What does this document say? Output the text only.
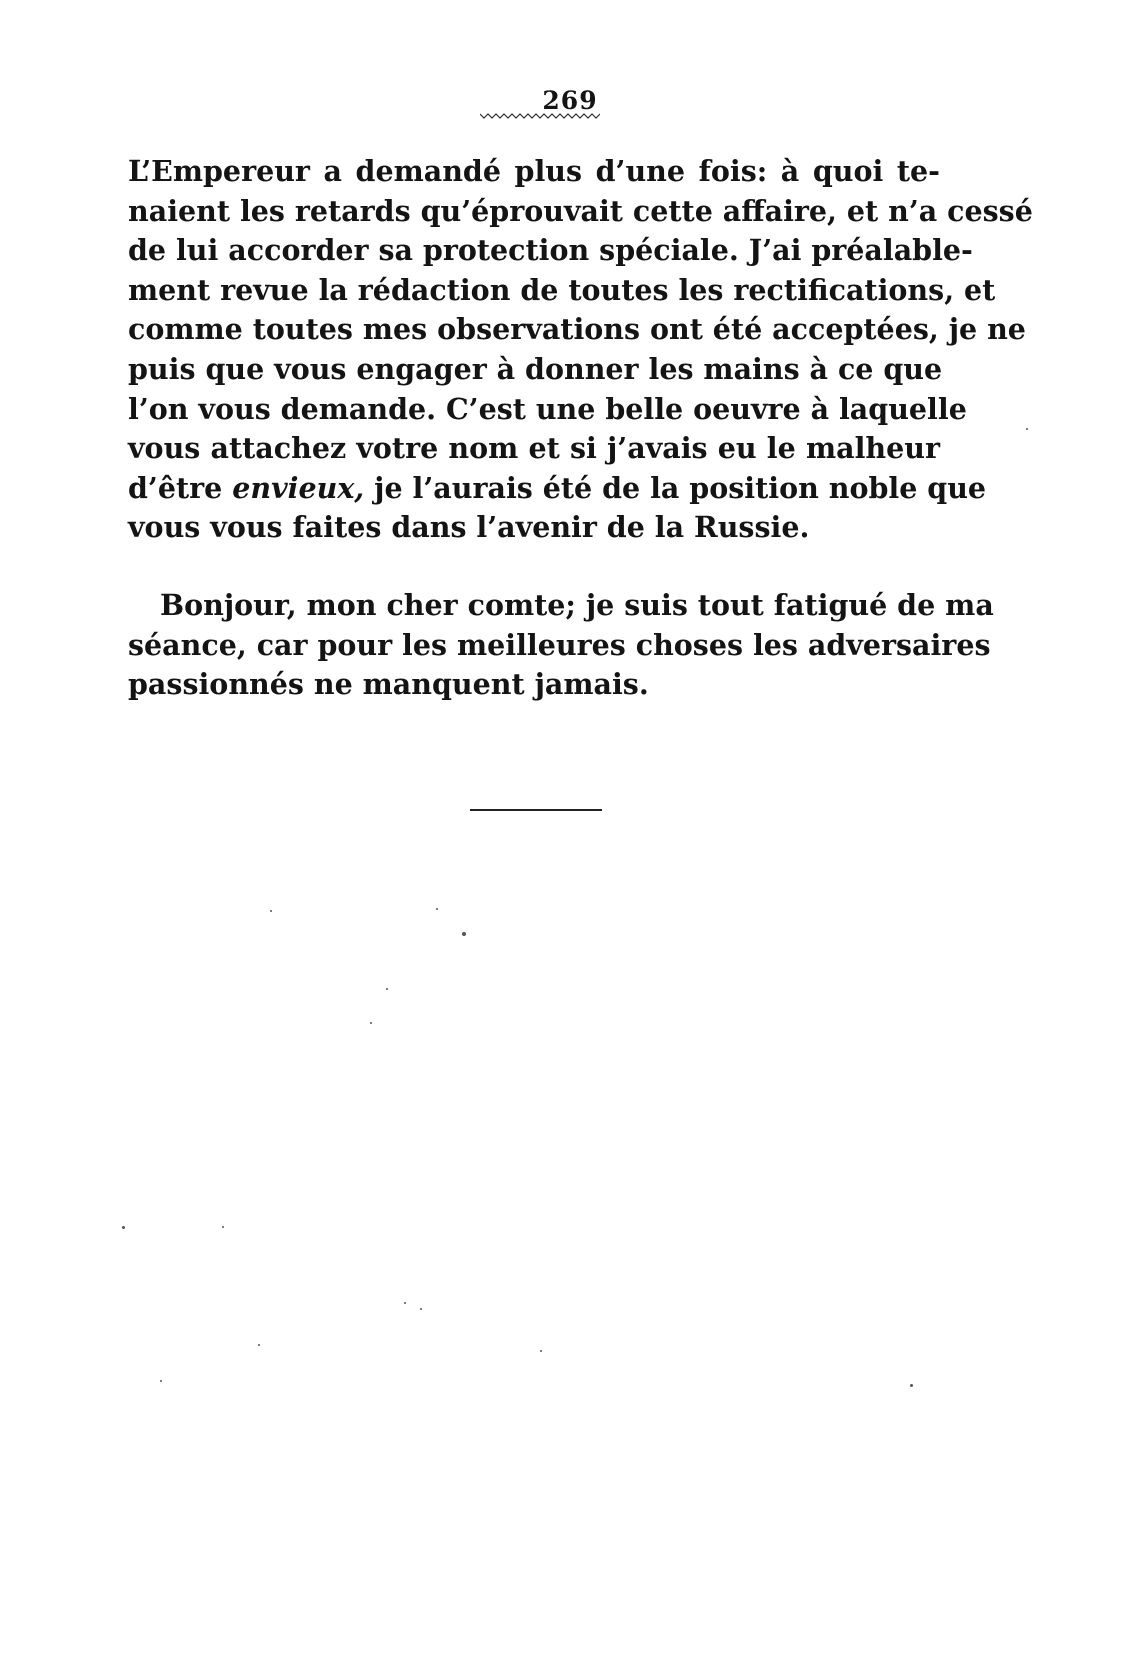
269
L’Empereur a demandé plus d’une fois: à quoi te-
naient les retards qu’éprouvait cette affaire, et n’a cessé
de lui accorder sa protection spéciale. J’ai préalable-
ment revue la rédaction de toutes les rectifications, et
comme toutes mes observations ont été acceptées, je ne
puis que vous engager à donner les mains à ce que
l’on vous demande. C’est une belle oeuvre à laquelle
vous attachez votre nom et si j’avais eu le malheur
d’être envieux, je l’aurais été de la position noble que
vous vous faites dans l’avenir de la Russie.
Bonjour, mon cher comte; je suis tout fatigué de ma
séance, car pour les meilleures choses les adversaires
passionnés ne manquent jamais.
